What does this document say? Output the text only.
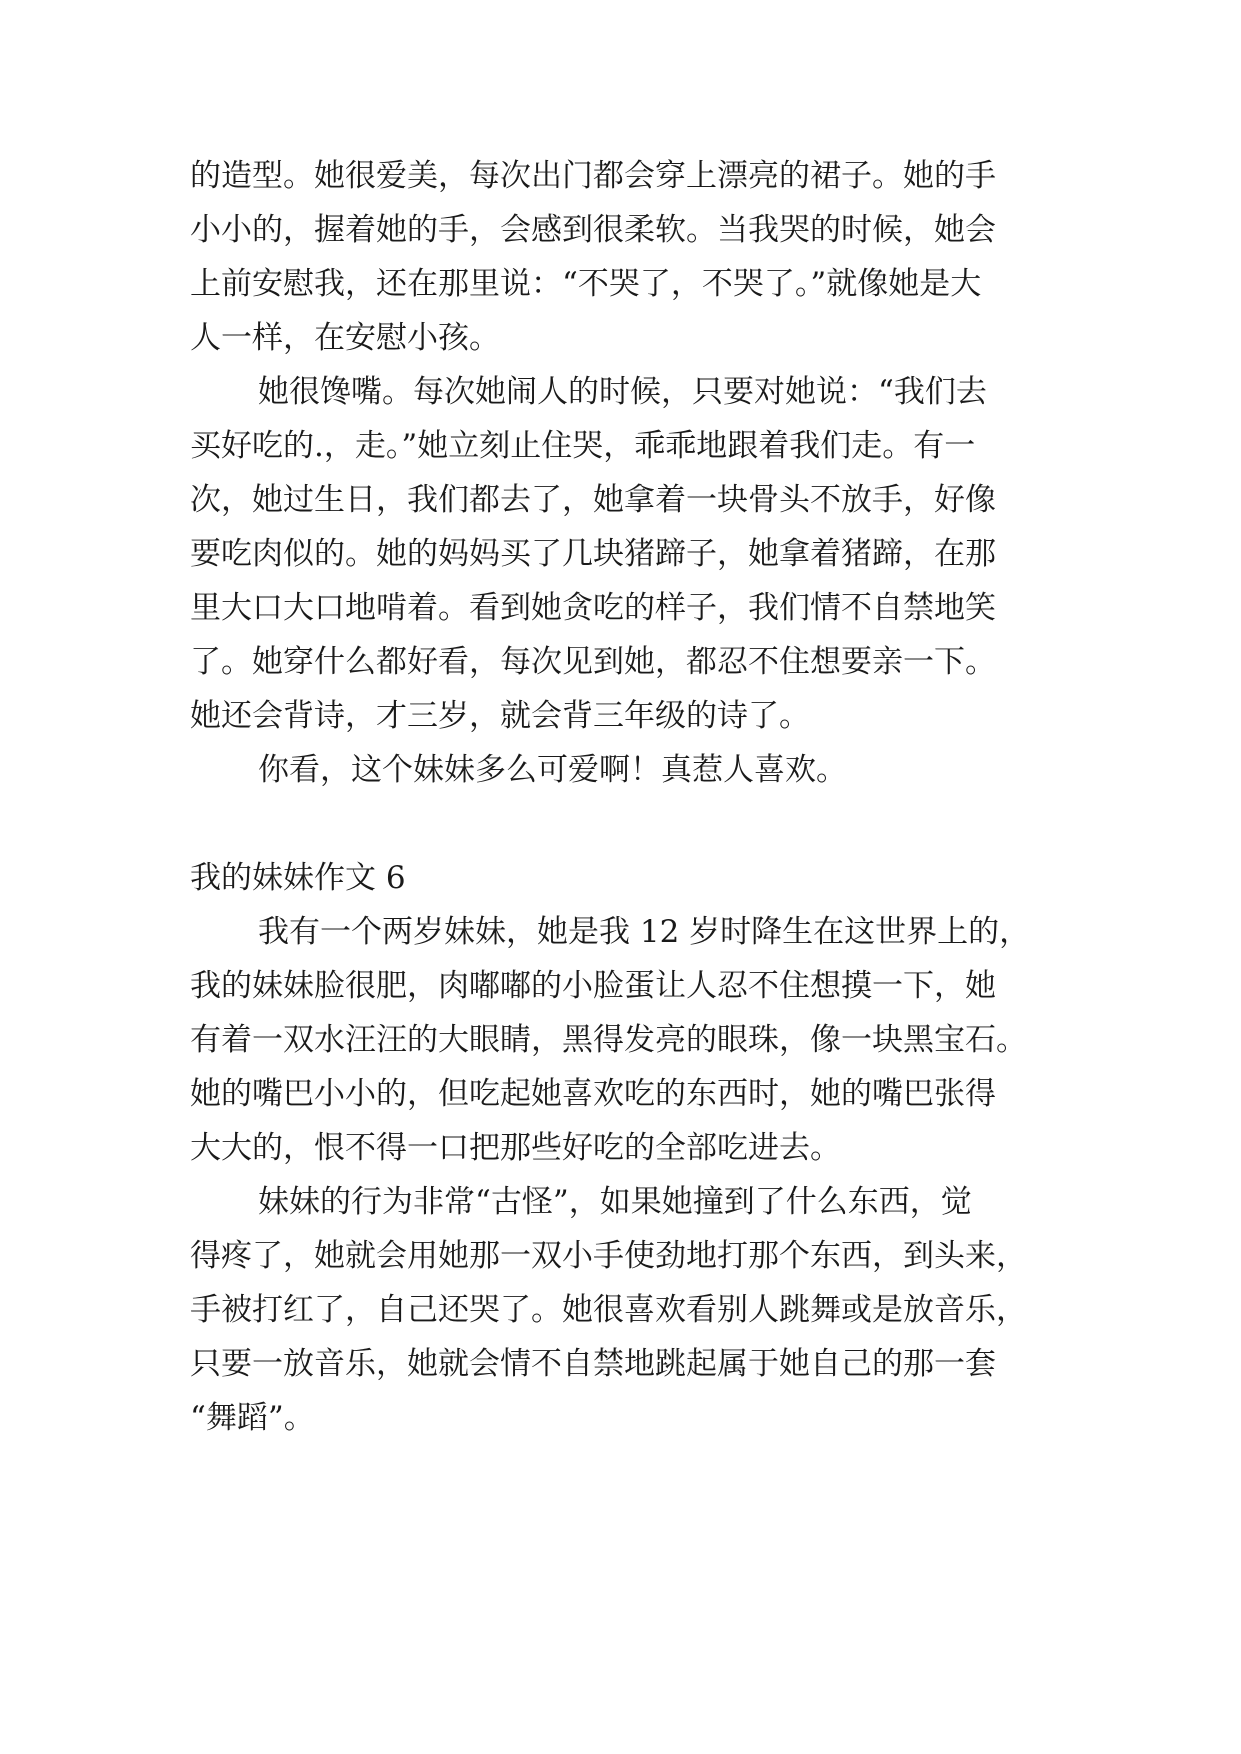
的造型。她很爱美，每次出门都会穿上漂亮的裙子。她的手
小小的，握着她的手，会感到很柔软。当我哭的时候，她会
上前安慰我，还在那里说：“不哭了，不哭了。”就像她是大
人一样，在安慰小孩。
她很馋嘴。每次她闹人的时候，只要对她说：“我们去
买好吃的.，走。”她立刻止住哭，乖乖地跟着我们走。有一
次，她过生日，我们都去了，她拿着一块骨头不放手，好像
要吃肉似的。她的妈妈买了几块猪蹄子，她拿着猪蹄，在那
里大口大口地啃着。看到她贪吃的样子，我们情不自禁地笑
了。她穿什么都好看，每次见到她，都忍不住想要亲一下。
她还会背诗，才三岁，就会背三年级的诗了。
你看，这个妹妹多么可爱啊！真惹人喜欢。
我的妹妹作文 6
我有一个两岁妹妹，她是我 12 岁时降生在这世界上的，
我的妹妹脸很肥，肉嘟嘟的小脸蛋让人忍不住想摸一下，她
有着一双水汪汪的大眼睛，黑得发亮的眼珠，像一块黑宝石。
她的嘴巴小小的，但吃起她喜欢吃的东西时，她的嘴巴张得
大大的，恨不得一口把那些好吃的全部吃进去。
妹妹的行为非常“古怪”，如果她撞到了什么东西，觉
得疼了，她就会用她那一双小手使劲地打那个东西，到头来，
手被打红了，自己还哭了。她很喜欢看别人跳舞或是放音乐，
只要一放音乐，她就会情不自禁地跳起属于她自己的那一套
“舞蹈”。
